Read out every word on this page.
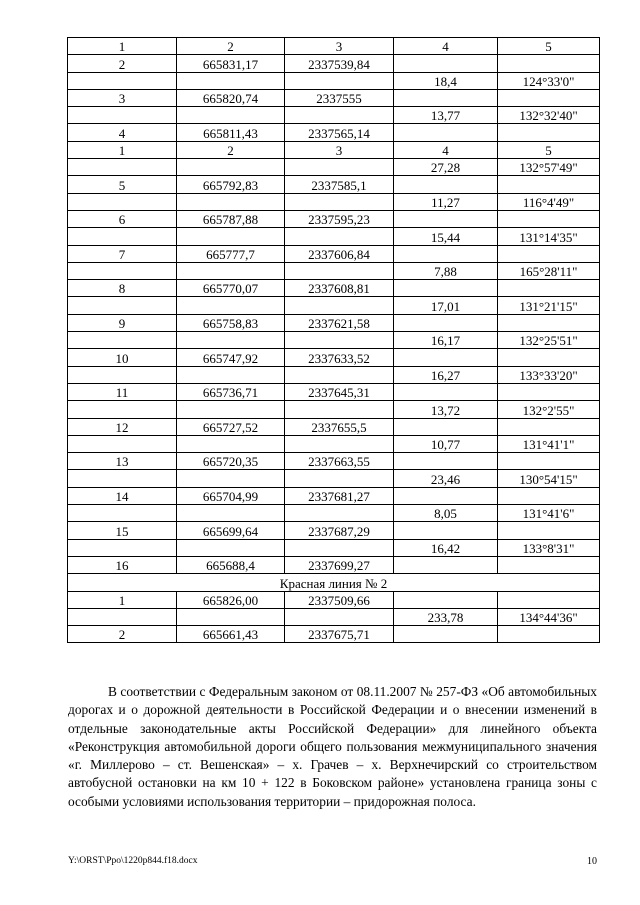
1	2	3	4	5
2	665831,17	2337539,84		
			18,4	124°33'0"
3	665820,74	2337555		
			13,77	132°32'40"
4	665811,43	2337565,14		
1	2	3	4	5
			27,28	132°57'49"
5	665792,83	2337585,1		
			11,27	116°4'49"
6	665787,88	2337595,23		
			15,44	131°14'35"
7	665777,7	2337606,84		
			7,88	165°28'11"
8	665770,07	2337608,81		
			17,01	131°21'15"
9	665758,83	2337621,58		
			16,17	132°25'51"
10	665747,92	2337633,52		
			16,27	133°33'20"
11	665736,71	2337645,31		
			13,72	132°2'55"
12	665727,52	2337655,5		
			10,77	131°41'1"
13	665720,35	2337663,55		
			23,46	130°54'15"
14	665704,99	2337681,27		
			8,05	131°41'6"
15	665699,64	2337687,29		
			16,42	133°8'31"
16	665688,4	2337699,27		
Красная линия № 2				
1	665826,00	2337509,66		
			233,78	134°44'36"
2	665661,43	2337675,71		

В соответствии с Федеральным законом от 08.11.2007 № 257-ФЗ «Об автомобильных дорогах и о дорожной деятельности в Российской Федерации и о внесении изменений в отдельные законодательные акты Российской Федерации» для линейного объекта «Реконструкция автомобильной дороги общего пользования межмуниципального значения «г. Миллерово – ст. Вешенская» – х. Грачев – х. Верхнечирский со строительством автобусной остановки на км 10 + 122 в Боковском районе» установлена граница зоны с особыми условиями использования территории – придорожная полоса.

Y:\ORST\Ppo\1220p844.f18.docx	10
